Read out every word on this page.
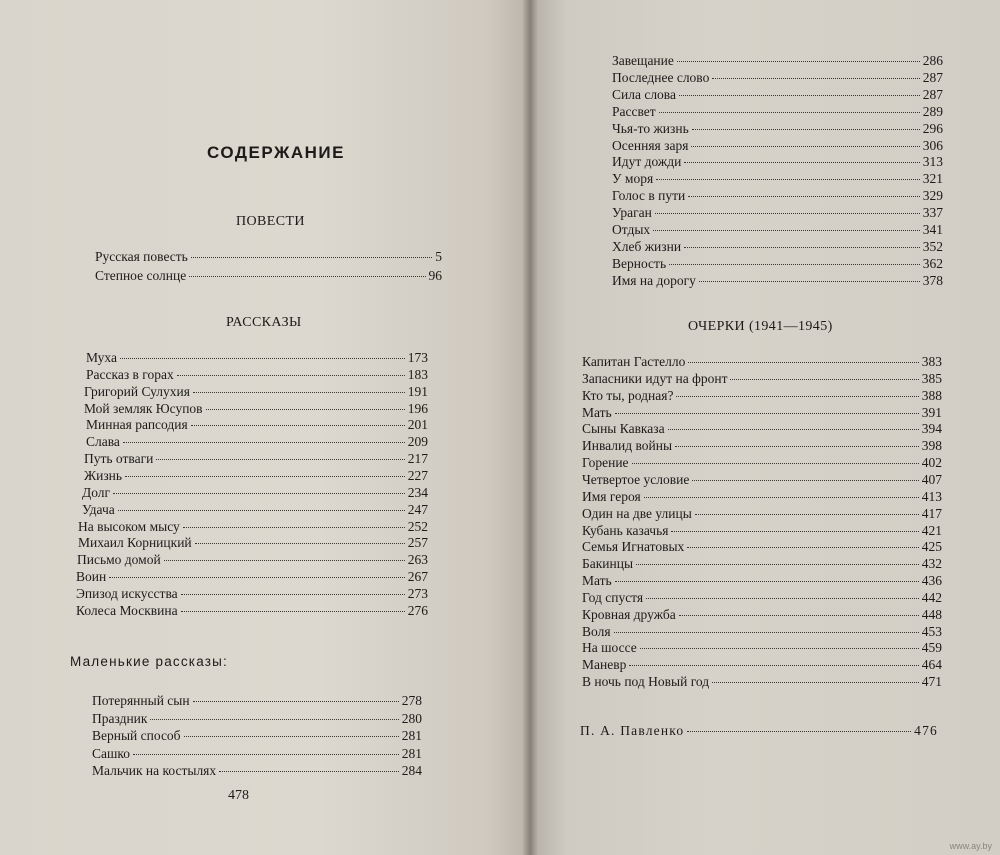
СОДЕРЖАНИЕ
ПОВЕСТИ
Русская повесть	5
Степное солнце	96
РАССКАЗЫ
Муха	173
Рассказ в горах	183
Григорий Сулухия	191
Мой земляк Юсупов	196
Минная рапсодия	201
Слава	209
Путь отваги	217
Жизнь	227
Долг	234
Удача	247
На высоком мысу	252
Михаил Корницкий	257
Письмо домой	263
Воин	267
Эпизод искусства	273
Колеса Москвина	276
Маленькие рассказы:
Потерянный сын	278
Праздник	280
Верный способ	281
Сашко	281
Мальчик на костылях	284
478
Завещание	286
Последнее слово	287
Сила слова	287
Рассвет	289
Чья-то жизнь	296
Осенняя заря	306
Идут дожди	313
У моря	321
Голос в пути	329
Ураган	337
Отдых	341
Хлеб жизни	352
Верность	362
Имя на дорогу	378
ОЧЕРКИ (1941—1945)
Капитан Гастелло	383
Запасники идут на фронт	385
Кто ты, родная?	388
Мать	391
Сыны Кавказа	394
Инвалид войны	398
Горение	402
Четвертое условие	407
Имя героя	413
Один на две улицы	417
Кубань казачья	421
Семья Игнатовых	425
Бакинцы	432
Мать	436
Год спустя	442
Кровная дружба	448
Воля	453
На шоссе	459
Маневр	464
В ночь под Новый год	471
П. А. Павленко	476
www.ay.by
